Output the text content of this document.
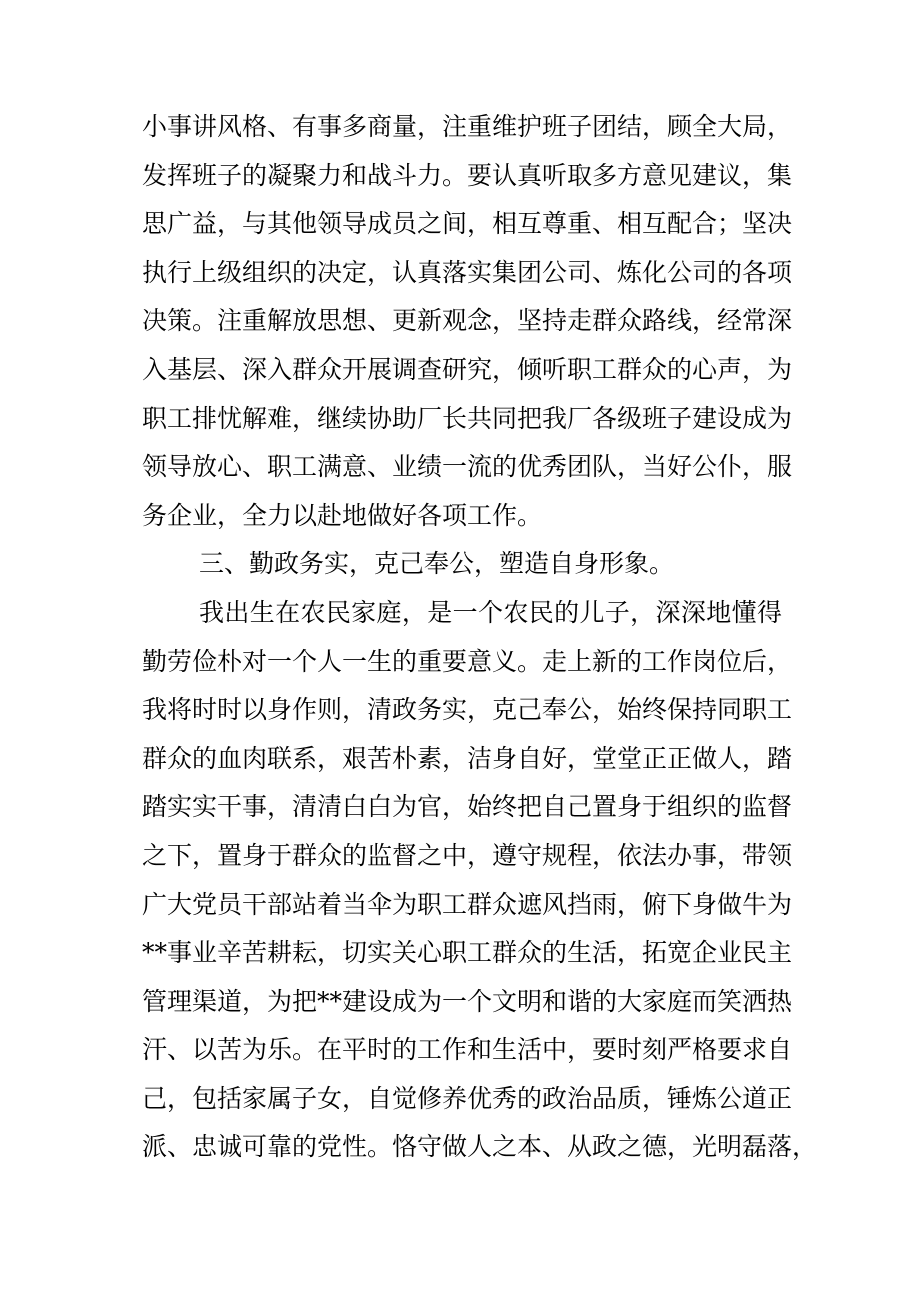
小事讲风格、有事多商量，注重维护班子团结，顾全大局，
发挥班子的凝聚力和战斗力。要认真听取多方意见建议，集
思广益，与其他领导成员之间，相互尊重、相互配合；坚决
执行上级组织的决定，认真落实集团公司、炼化公司的各项
决策。注重解放思想、更新观念，坚持走群众路线，经常深
入基层、深入群众开展调查研究，倾听职工群众的心声，为
职工排忧解难，继续协助厂长共同把我厂各级班子建设成为
领导放心、职工满意、业绩一流的优秀团队，当好公仆，服
务企业，全力以赴地做好各项工作。
三、勤政务实，克己奉公，塑造自身形象。
我出生在农民家庭，是一个农民的儿子，深深地懂得
勤劳俭朴对一个人一生的重要意义。走上新的工作岗位后，
我将时时以身作则，清政务实，克己奉公，始终保持同职工
群众的血肉联系，艰苦朴素，洁身自好，堂堂正正做人，踏
踏实实干事，清清白白为官，始终把自己置身于组织的监督
之下，置身于群众的监督之中，遵守规程，依法办事，带领
广大党员干部站着当伞为职工群众遮风挡雨，俯下身做牛为
**事业辛苦耕耘，切实关心职工群众的生活，拓宽企业民主
管理渠道，为把**建设成为一个文明和谐的大家庭而笑洒热
汗、以苦为乐。在平时的工作和生活中，要时刻严格要求自
己，包括家属子女，自觉修养优秀的政治品质，锤炼公道正
派、忠诚可靠的党性。恪守做人之本、从政之德，光明磊落，
